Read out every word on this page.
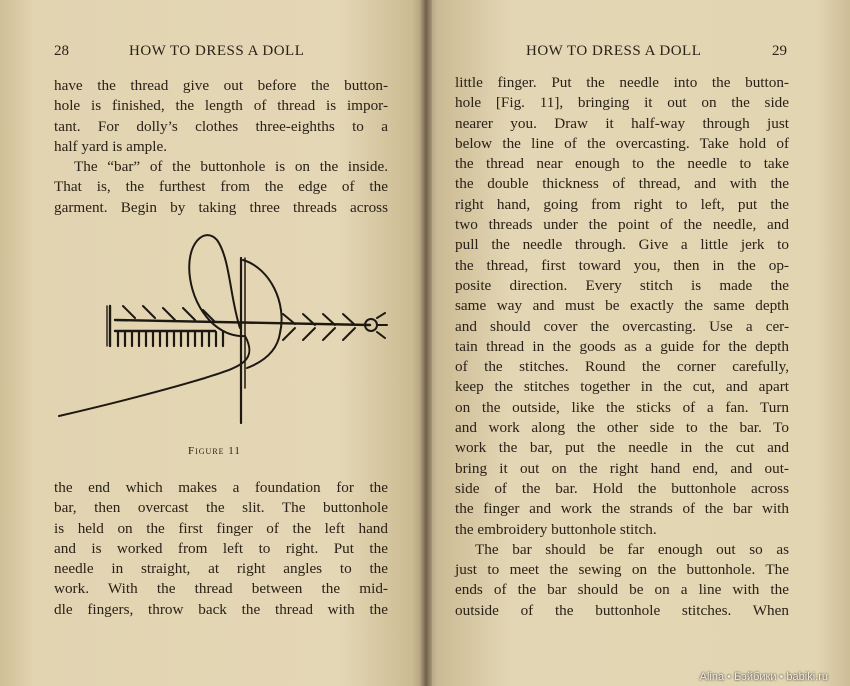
28	HOW TO DRESS A DOLL
have the thread give out before the button-
hole is finished, the length of thread is impor-
tant. For dolly’s clothes three-eighths to a
half yard is ample.
The “bar” of the buttonhole is on the inside.
That is, the furthest from the edge of the
garment. Begin by taking three threads across
Figure 11
the end which makes a foundation for the
bar, then overcast the slit. The buttonhole
is held on the first finger of the left hand
and is worked from left to right. Put the
needle in straight, at right angles to the
work. With the thread between the mid-
dle fingers, throw back the thread with the
HOW TO DRESS A DOLL	29
little finger. Put the needle into the button-
hole [Fig. 11], bringing it out on the side
nearer you. Draw it half-way through just
below the line of the overcasting. Take hold of
the thread near enough to the needle to take
the double thickness of thread, and with the
right hand, going from right to left, put the
two threads under the point of the needle, and
pull the needle through. Give a little jerk to
the thread, first toward you, then in the op-
posite direction. Every stitch is made the
same way and must be exactly the same depth
and should cover the overcasting. Use a cer-
tain thread in the goods as a guide for the depth
of the stitches. Round the corner carefully,
keep the stitches together in the cut, and apart
on the outside, like the sticks of a fan. Turn
and work along the other side to the bar. To
work the bar, put the needle in the cut and
bring it out on the right hand end, and out-
side of the bar. Hold the buttonhole across
the finger and work the strands of the bar with
the embroidery buttonhole stitch.
The bar should be far enough out so as
just to meet the sewing on the buttonhole. The
ends of the bar should be on a line with the
outside of the buttonhole stitches. When
Alina • Бэйбики • babiki.ru
